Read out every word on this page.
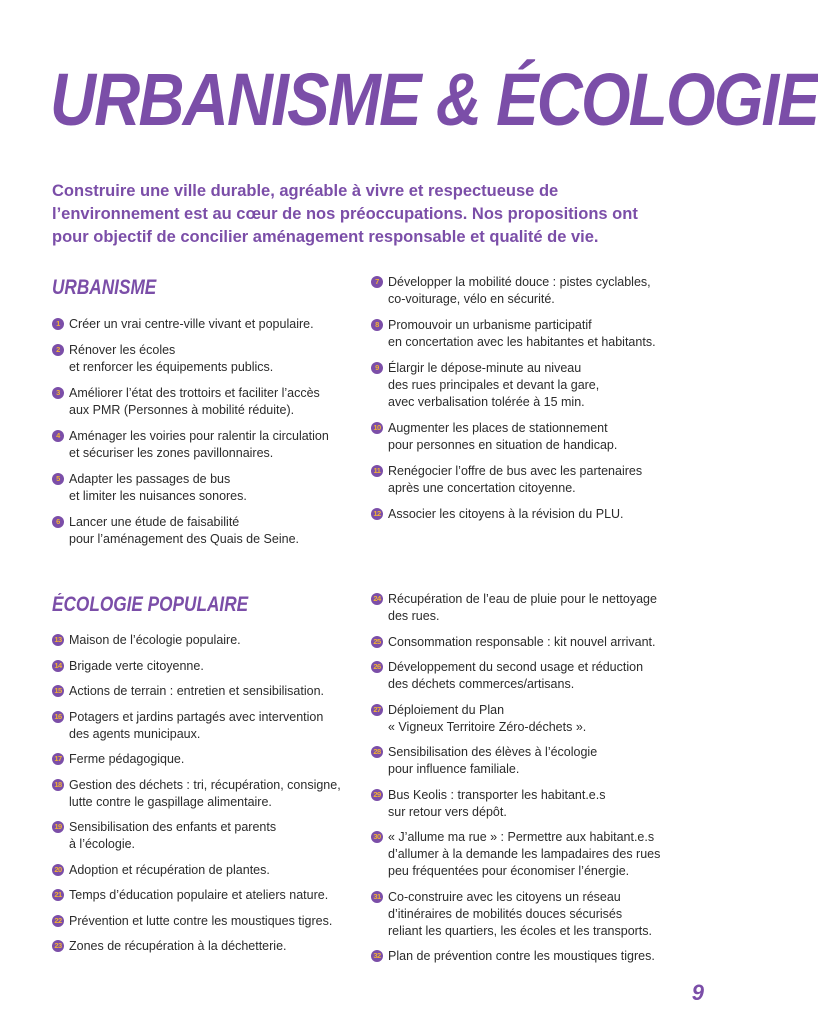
URBANISME & ÉCOLOGIE

Construire une ville durable, agréable à vivre et respectueuse de l’environnement est au cœur de nos préoccupations. Nos propositions ont pour objectif de concilier aménagement responsable et qualité de vie.

URBANISME
1 Créer un vrai centre-ville vivant et populaire.
2 Rénover les écoles
et renforcer les équipements publics.
3 Améliorer l’état des trottoirs et faciliter l’accès
aux PMR (Personnes à mobilité réduite).
4 Aménager les voiries pour ralentir la circulation
et sécuriser les zones pavillonnaires.
5 Adapter les passages de bus
et limiter les nuisances sonores.
6 Lancer une étude de faisabilité
pour l’aménagement des Quais de Seine.
7 Développer la mobilité douce : pistes cyclables,
co-voiturage, vélo en sécurité.
8 Promouvoir un urbanisme participatif
en concertation avec les habitantes et habitants.
9 Élargir le dépose-minute au niveau
des rues principales et devant la gare,
avec verbalisation tolérée à 15 min.
10 Augmenter les places de stationnement
pour personnes en situation de handicap.
11 Renégocier l’offre de bus avec les partenaires
après une concertation citoyenne.
12 Associer les citoyens à la révision du PLU.
ÉCOLOGIE POPULAIRE
13 Maison de l’écologie populaire.
14 Brigade verte citoyenne.
15 Actions de terrain : entretien et sensibilisation.
16 Potagers et jardins partagés avec intervention
des agents municipaux.
17 Ferme pédagogique.
18 Gestion des déchets : tri, récupération, consigne,
lutte contre le gaspillage alimentaire.
19 Sensibilisation des enfants et parents
à l’écologie.
20 Adoption et récupération de plantes.
21 Temps d’éducation populaire et ateliers nature.
22 Prévention et lutte contre les moustiques tigres.
23 Zones de récupération à la déchetterie.
24 Récupération de l’eau de pluie pour le nettoyage
des rues.
25 Consommation responsable : kit nouvel arrivant.
26 Développement du second usage et réduction
des déchets commerces/artisans.
27 Déploiement du Plan
« Vigneux Territoire Zéro-déchets ».
28 Sensibilisation des élèves à l’écologie
pour influence familiale.
29 Bus Keolis : transporter les habitant.e.s
sur retour vers dépôt.
30 « J’allume ma rue » : Permettre aux habitant.e.s
d’allumer à la demande les lampadaires des rues
peu fréquentées pour économiser l’énergie.
31 Co-construire avec les citoyens un réseau
d’itinéraires de mobilités douces sécurisés
reliant les quartiers, les écoles et les transports.
32 Plan de prévention contre les moustiques tigres.
9
